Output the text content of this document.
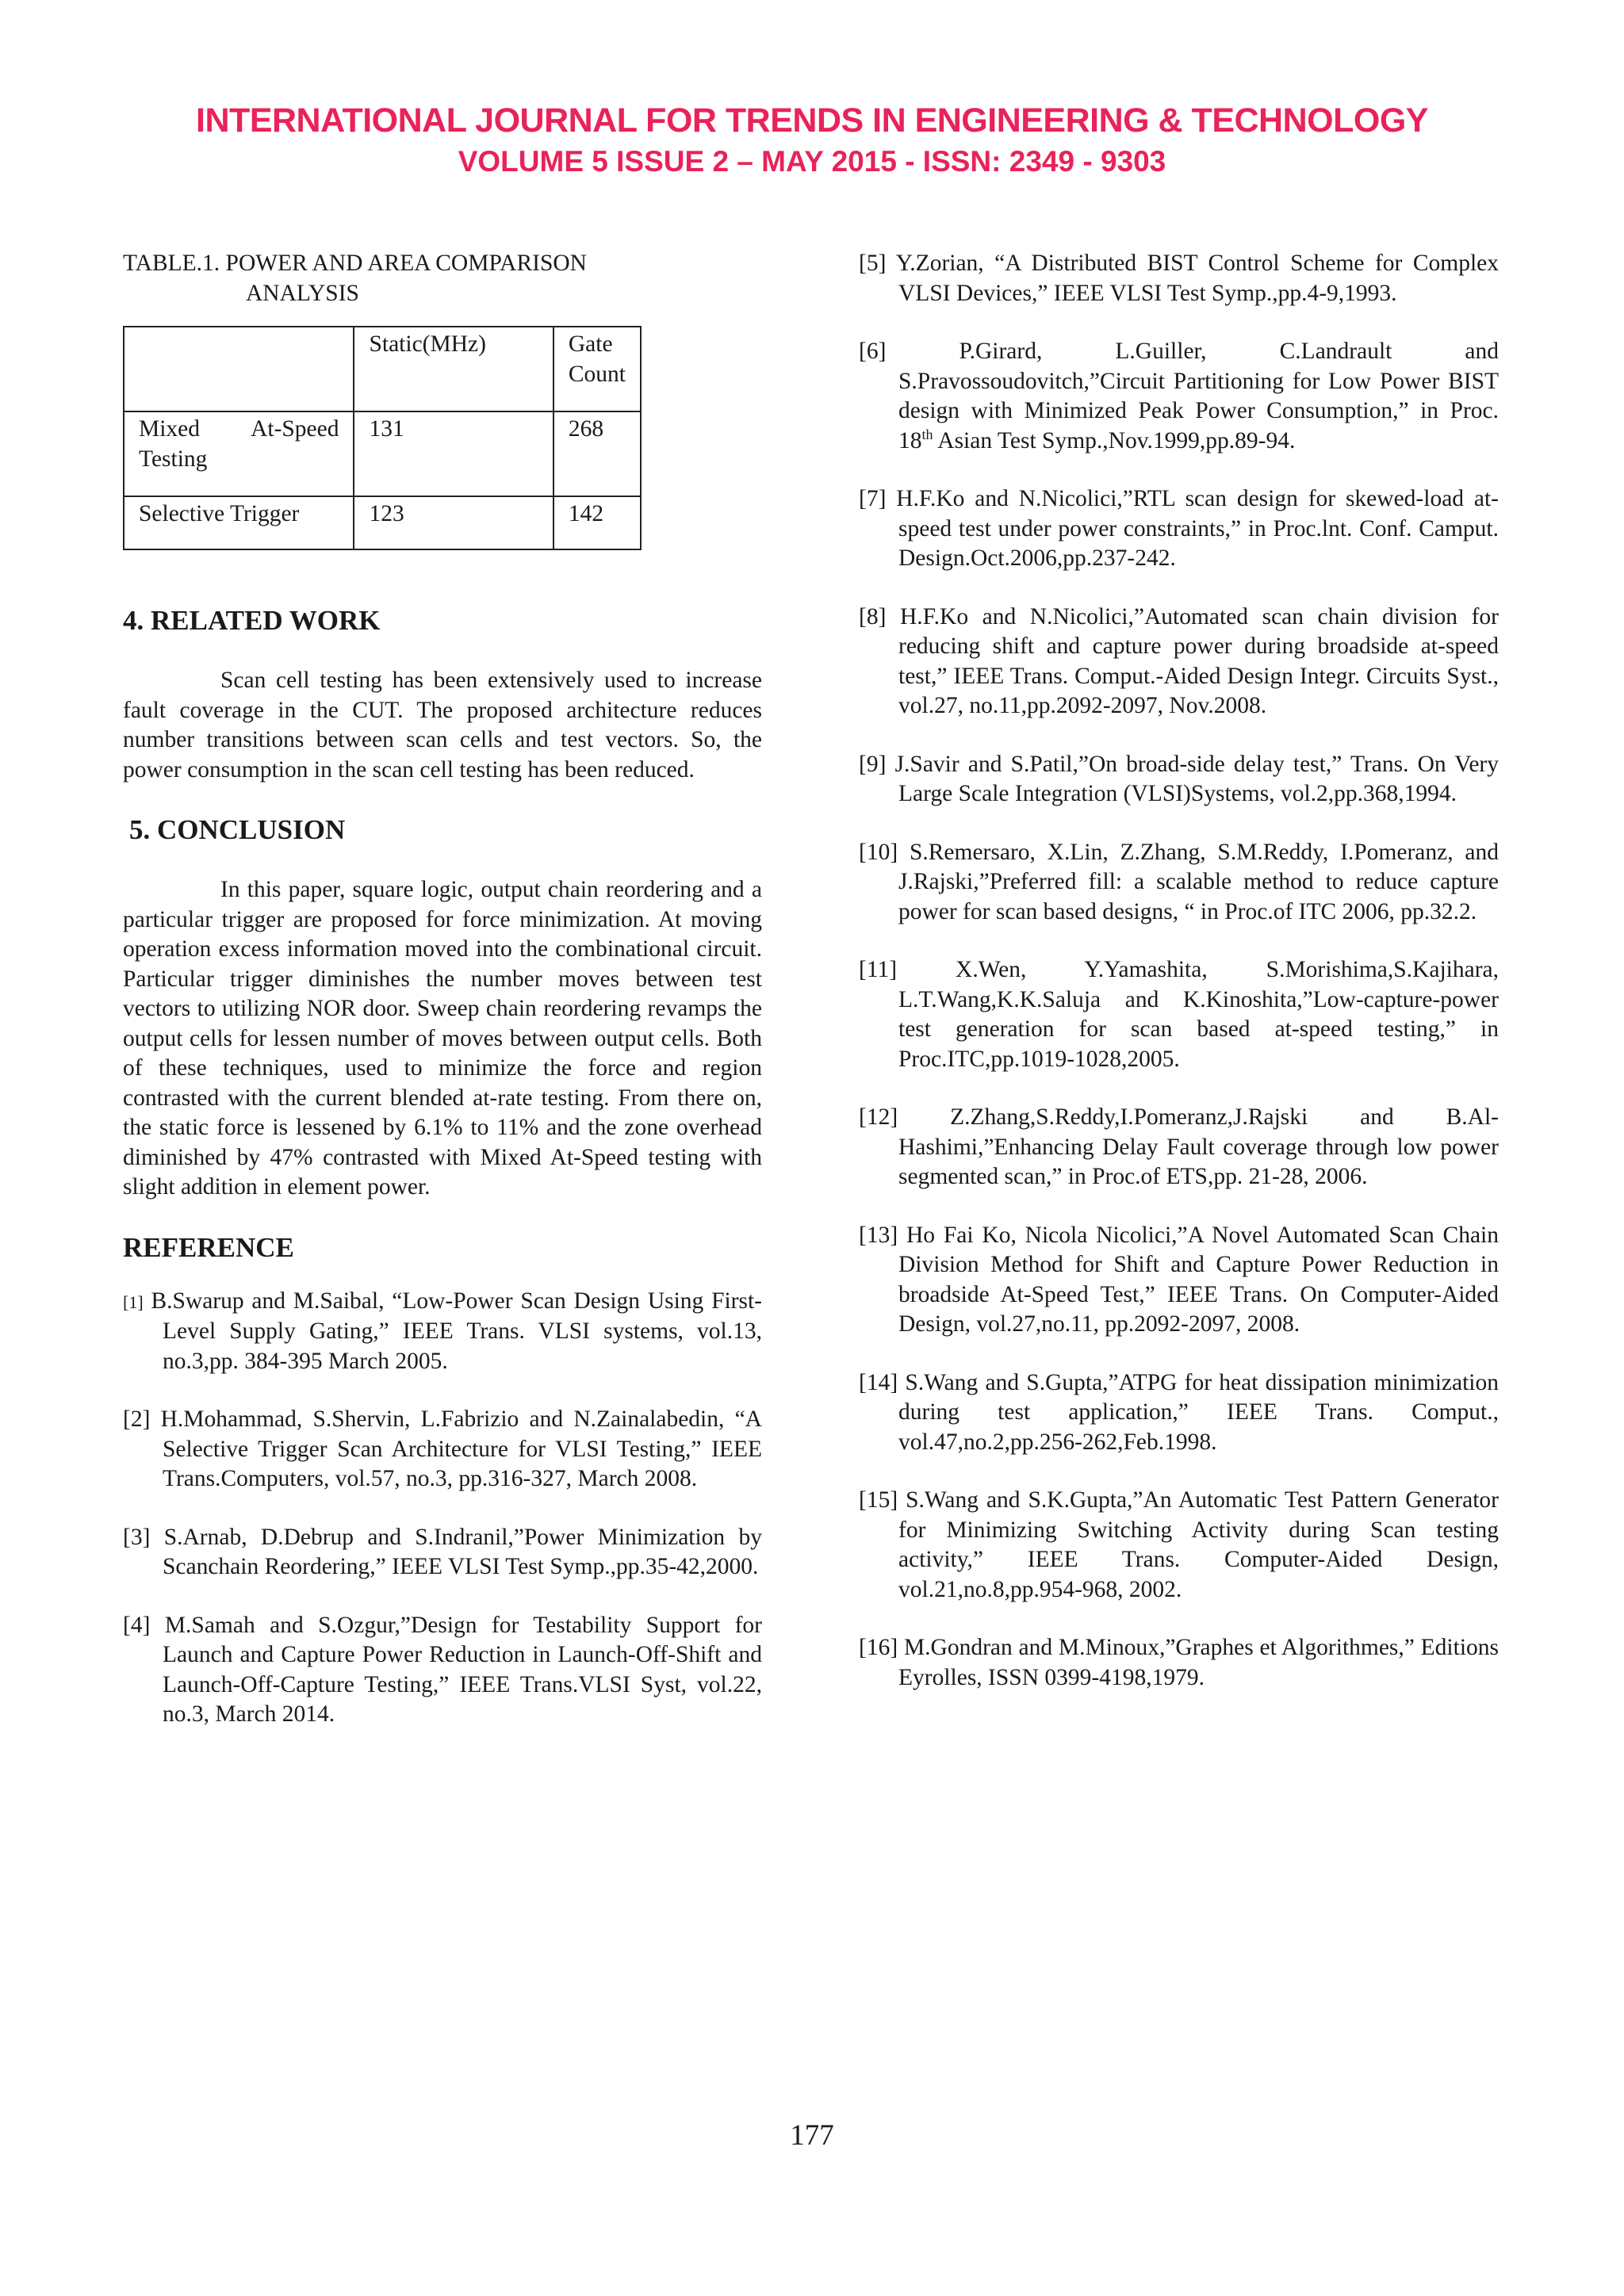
INTERNATIONAL JOURNAL FOR TRENDS IN ENGINEERING & TECHNOLOGY
VOLUME 5 ISSUE 2 – MAY 2015 - ISSN: 2349 - 9303

TABLE.1. POWER AND AREA COMPARISON
ANALYSIS

	Static(MHz)	Gate Count
Mixed At-Speed Testing	131	268
Selective Trigger	123	142
4. RELATED WORK

Scan cell testing has been extensively used to increase fault coverage in the CUT. The proposed architecture reduces number transitions between scan cells and test vectors. So, the power consumption in the scan cell testing has been reduced.

5. CONCLUSION

In this paper, square logic, output chain reordering and a particular trigger are proposed for force minimization. At moving operation excess information moved into the combinational circuit. Particular trigger diminishes the number moves between test vectors to utilizing NOR door. Sweep chain reordering revamps the output cells for lessen number of moves between output cells. Both of these techniques, used to minimize the force and region contrasted with the current blended at-rate testing. From there on, the static force is lessened by 6.1% to 11% and the zone overhead diminished by 47% contrasted with Mixed At-Speed testing with slight addition in element power.

REFERENCE

[1] B.Swarup and M.Saibal, “Low-Power Scan Design Using First-Level Supply Gating,” IEEE Trans. VLSI systems, vol.13, no.3,pp. 384-395 March 2005.

[2] H.Mohammad, S.Shervin, L.Fabrizio and N.Zainalabedin, “A Selective Trigger Scan Architecture for VLSI Testing,” IEEE Trans.Computers, vol.57, no.3, pp.316-327, March 2008.

[3] S.Arnab, D.Debrup and S.Indranil,”Power Minimization by Scanchain Reordering,” IEEE VLSI Test Symp.,pp.35-42,2000.

[4] M.Samah and S.Ozgur,”Design for Testability Support for Launch and Capture Power Reduction in Launch-Off-Shift and Launch-Off-Capture Testing,” IEEE Trans.VLSI Syst, vol.22, no.3, March 2014.

[5] Y.Zorian, “A Distributed BIST Control Scheme for Complex VLSI Devices,” IEEE VLSI Test Symp.,pp.4-9,1993.

[6]	P.Girard, L.Guiller, C.Landrault and S.Pravossoudovitch,”Circuit Partitioning for Low Power BIST design with Minimized Peak Power Consumption,” in Proc. 18th Asian Test Symp.,Nov.1999,pp.89-94.

[7] H.F.Ko and N.Nicolici,”RTL scan design for skewed-load at-speed test under power constraints,” in Proc.lnt. Conf. Camput. Design.Oct.2006,pp.237-242.

[8] H.F.Ko and N.Nicolici,”Automated scan chain division for reducing shift and capture power during broadside at-speed test,” IEEE Trans. Comput.-Aided Design Integr. Circuits Syst., vol.27, no.11,pp.2092-2097, Nov.2008.

[9] J.Savir and S.Patil,”On broad-side delay test,” Trans. On Very Large Scale Integration (VLSI)Systems, vol.2,pp.368,1994.

[10] S.Remersaro, X.Lin, Z.Zhang, S.M.Reddy, I.Pomeranz, and J.Rajski,”Preferred fill: a scalable method to reduce capture power for scan based designs, “ in Proc.of ITC 2006, pp.32.2.

[11]	X.Wen, Y.Yamashita, S.Morishima,S.Kajihara, L.T.Wang,K.K.Saluja and K.Kinoshita,”Low-capture-power test generation for scan based at-speed testing,” in Proc.ITC,pp.1019-1028,2005.

[12] Z.Zhang,S.Reddy,I.Pomeranz,J.Rajski and B.Al-Hashimi,”Enhancing Delay Fault coverage through low power segmented scan,” in Proc.of ETS,pp. 21-28, 2006.

[13] Ho Fai Ko, Nicola Nicolici,”A Novel Automated Scan Chain Division Method for Shift and Capture Power Reduction in broadside At-Speed Test,” IEEE Trans. On Computer-Aided Design, vol.27,no.11, pp.2092-2097, 2008.

[14] S.Wang and S.Gupta,”ATPG for heat dissipation minimization during test application,” IEEE Trans. Comput., vol.47,no.2,pp.256-262,Feb.1998.

[15] S.Wang and S.K.Gupta,”An Automatic Test Pattern Generator for Minimizing Switching Activity during Scan testing activity,” IEEE Trans. Computer-Aided Design, vol.21,no.8,pp.954-968, 2002.

[16] M.Gondran and M.Minoux,”Graphes et Algorithmes,” Editions Eyrolles, ISSN 0399-4198,1979.

177
